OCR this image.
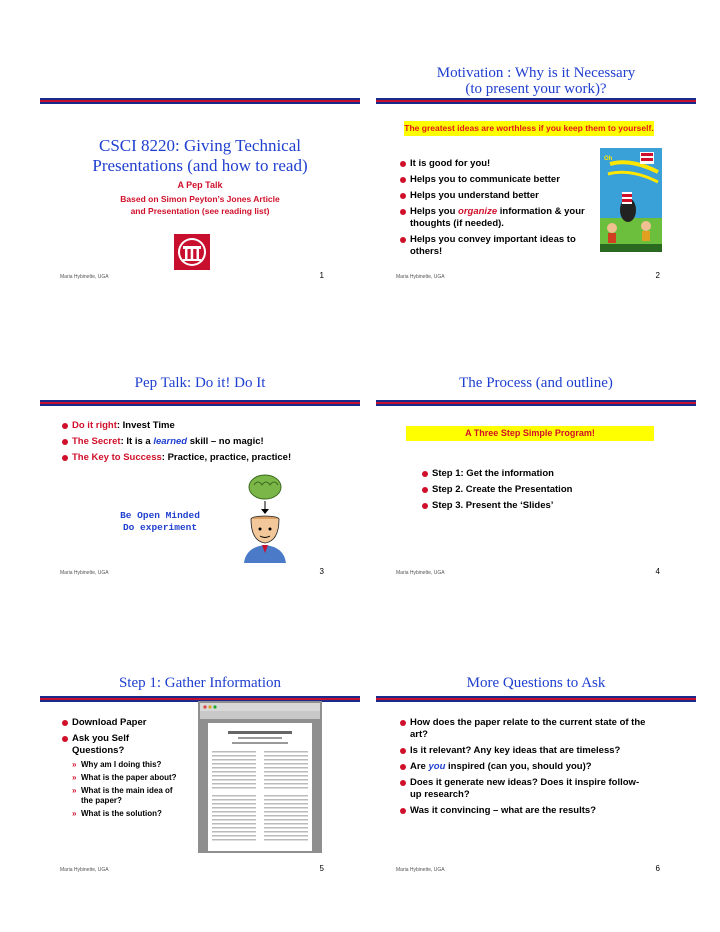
CSCI 8220: Giving Technical Presentations (and how to read)
A Pep Talk
Based on Simon Peyton’s Jones Article
and Presentation (see reading list)
Maria Hybinette, UGA	1
Motivation : Why is it Necessary
(to present your work)?
The greatest ideas are worthless if you keep them to yourself.
It is good for you!
Helps you to communicate better
Helps you understand better
Helps you organize information & your thoughts (if needed).
Helps you convey important ideas to others!
Oh
Maria Hybinette, UGA	2
Pep Talk: Do it! Do It
Do it right: Invest Time
The Secret: It is a learned skill – no magic!
The Key to Success: Practice, practice, practice!
Be Open Minded
Do experiment
Maria Hybinette, UGA	3
The Process (and outline)
A Three Step Simple Program!
Step 1: Get the information
Step 2. Create the Presentation
Step 3. Present the ‘Slides’
Maria Hybinette, UGA	4
Step 1: Gather Information
Download Paper
Ask you Self Questions?
» Why am I doing this?
» What is the paper about?
» What is the main idea of the paper?
» What is the solution?
Maria Hybinette, UGA	5
More Questions to Ask
How does the paper relate to the current state of the art?
Is it relevant? Any key ideas that are timeless?
Are you inspired (can you, should you)?
Does it generate new ideas? Does it inspire follow-up research?
Was it convincing – what are the results?
Maria Hybinette, UGA	6
